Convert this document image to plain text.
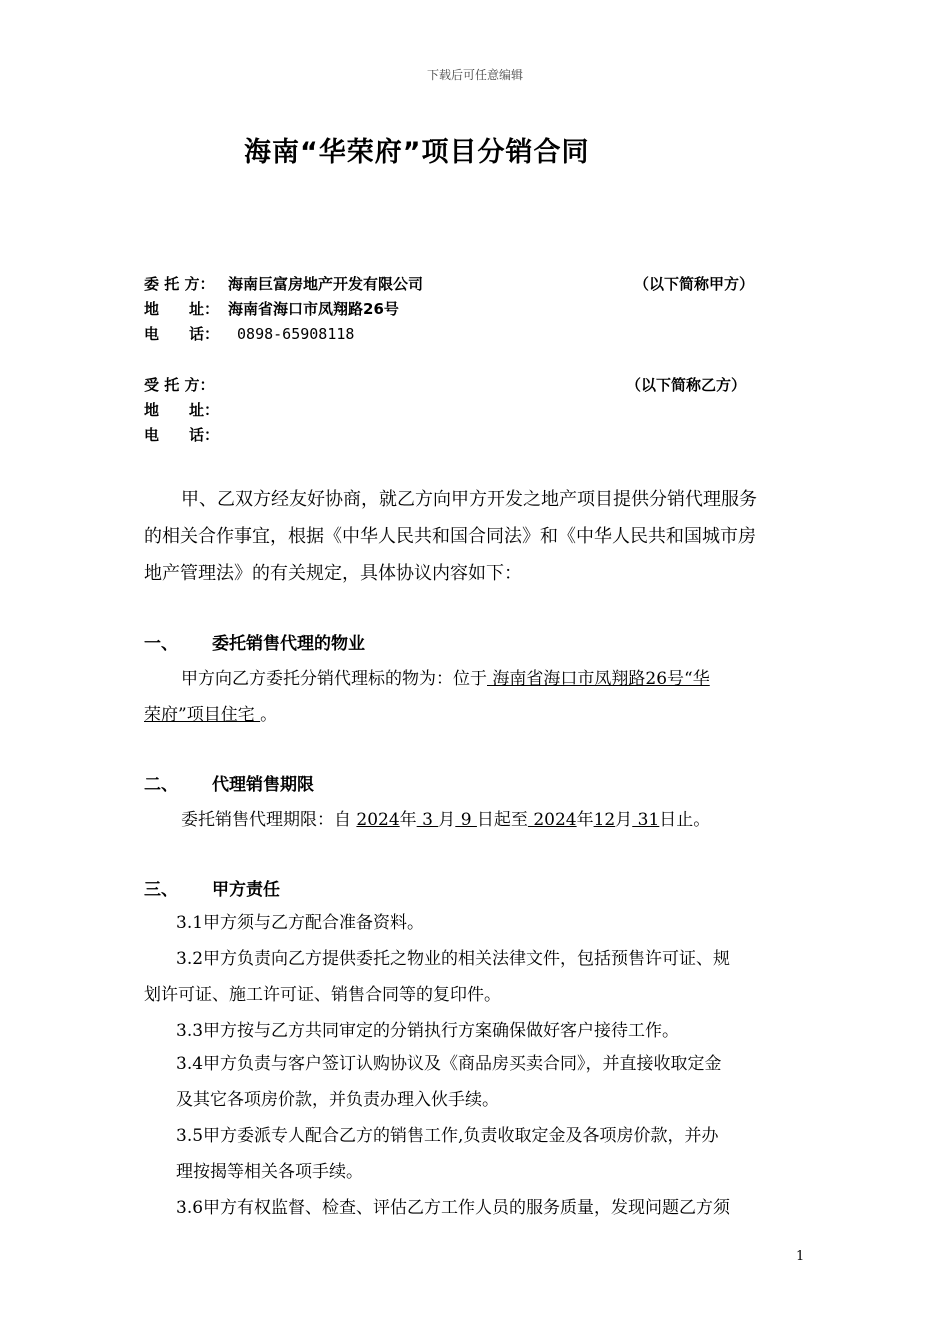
下载后可任意编辑
海南“华荣府”项目分销合同
委 托 方： 海南巨富房地产开发有限公司	（以下简称甲方）
地　　址： 海南省海口市凤翔路26号
电　　话： 0898-65908118
受 托 方：	（以下简称乙方）
地　　址：
电　　话：
甲、乙双方经友好协商，就乙方向甲方开发之地产项目提供分销代理服务
的相关合作事宜，根据《中华人民共和国合同法》和《中华人民共和国城市房
地产管理法》的有关规定，具体协议内容如下：
一、 委托销售代理的物业
甲方向乙方委托分销代理标的物为：位于 海南省海口市凤翔路26号“华
荣府”项目住宅 。
二、 代理销售期限
委托销售代理期限：自 2024年 3 月 9 日起至 2024年12月 31日止。
三、 甲方责任
3.1甲方须与乙方配合准备资料。
3.2甲方负责向乙方提供委托之物业的相关法律文件，包括预售许可证、规
划许可证、施工许可证、销售合同等的复印件。
3.3甲方按与乙方共同审定的分销执行方案确保做好客户接待工作。
3.4甲方负责与客户签订认购协议及《商品房买卖合同》，并直接收取定金
及其它各项房价款，并负责办理入伙手续。
3.5甲方委派专人配合乙方的销售工作,负责收取定金及各项房价款，并办
理按揭等相关各项手续。
3.6甲方有权监督、检查、评估乙方工作人员的服务质量，发现问题乙方须
1
